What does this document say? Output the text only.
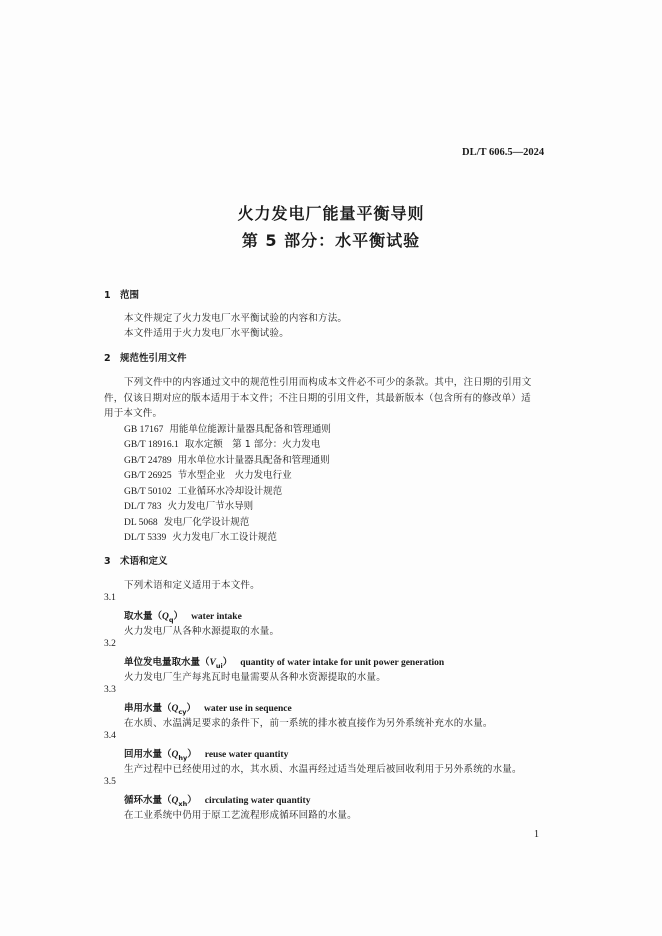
DL/T 606.5—2024
火力发电厂能量平衡导则
第 5 部分：水平衡试验
1 范围
本文件规定了火力发电厂水平衡试验的内容和方法。
本文件适用于火力发电厂水平衡试验。
2 规范性引用文件
下列文件中的内容通过文中的规范性引用而构成本文件必不可少的条款。其中，注日期的引用文
件，仅该日期对应的版本适用于本文件；不注日期的引用文件，其最新版本（包含所有的修改单）适
用于本文件。
GB 17167 用能单位能源计量器具配备和管理通则
GB/T 18916.1 取水定额　第 1 部分：火力发电
GB/T 24789 用水单位水计量器具配备和管理通则
GB/T 26925 节水型企业　火力发电行业
GB/T 50102 工业循环水冷却设计规范
DL/T 783 火力发电厂节水导则
DL 5068 发电厂化学设计规范
DL/T 5339 火力发电厂水工设计规范
3 术语和定义
下列术语和定义适用于本文件。
3.1
取水量$(Q_q)$ water intake
火力发电厂从各种水源提取的水量。
3.2
单位发电量取水量$(V_{ui})$ quantity of water intake for unit power generation
火力发电厂生产每兆瓦时电量需要从各种水资源提取的水量。
3.3
串用水量$(Q_{cy})$ water use in sequence
在水质、水温满足要求的条件下，前一系统的排水被直接作为另外系统补充水的水量。
3.4
回用水量$(Q_{hy})$ reuse water quantity
生产过程中已经使用过的水，其水质、水温再经过适当处理后被回收利用于另外系统的水量。
3.5
循环水量$(Q_{xh})$ circulating water quantity
在工业系统中仍用于原工艺流程形成循环回路的水量。
1
